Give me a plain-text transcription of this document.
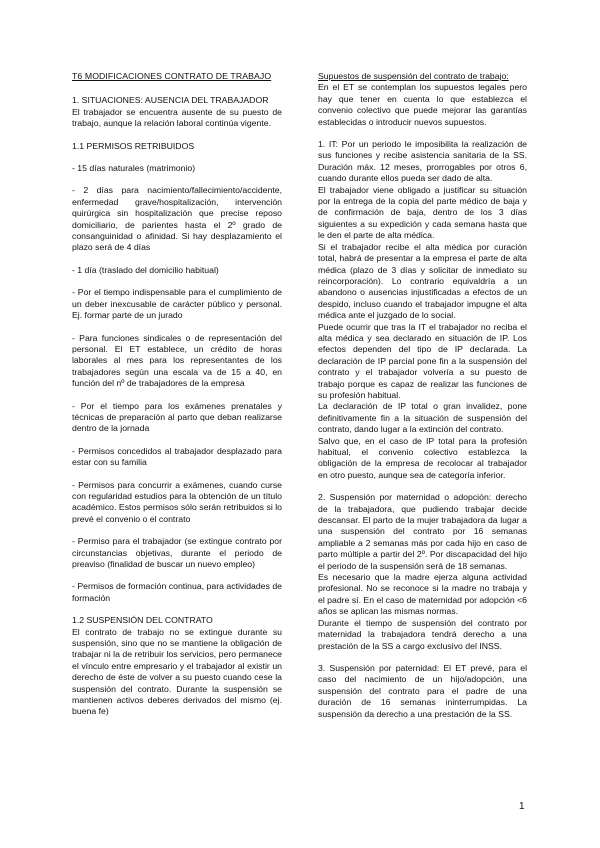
T6 MODIFICACIONES CONTRATO DE TRABAJO

1. SITUACIONES: AUSENCIA DEL TRABAJADOR

El trabajador se encuentra ausente de su puesto de trabajo, aunque la relación laboral continúa vigente.

1.1 PERMISOS RETRIBUIDOS

- 15 días naturales (matrimonio)

- 2 días para nacimiento/fallecimiento/accidente, enfermedad grave/hospitalización, intervención quirúrgica sin hospitalización que precise reposo domiciliario, de parientes hasta el 2º grado de consanguinidad o afinidad. Si hay desplazamiento el plazo será de 4 días

- 1 día (traslado del domicilio habitual)

- Por el tiempo indispensable para el cumplimiento de un deber inexcusable de carácter público y personal. Ej. formar parte de un jurado

- Para funciones sindicales o de representación del personal. El ET establece, un crédito de horas laborales al mes para los representantes de los trabajadores según una escala va de 15 a 40, en función del nº de trabajadores de la empresa

- Por el tiempo para los exámenes prenatales y técnicas de preparación al parto que deban realizarse dentro de la jornada

- Permisos concedidos al trabajador desplazado para estar con su familia

- Permisos para concurrir a exámenes, cuando curse con regularidad estudios para la obtención de un título académico. Estos permisos sólo serán retribuidos si lo prevé el convenio o el contrato

- Permiso para el trabajador (se extingue contrato por circunstancias objetivas, durante el periodo de preaviso (finalidad de buscar un nuevo empleo)

- Permisos de formación continua, para actividades de formación

1.2 SUSPENSIÓN DEL CONTRATO

El contrato de trabajo no se extingue durante su suspensión, sino que no se mantiene la obligación de trabajar ni la de retribuir los servicios, pero permanece el vínculo entre empresario y el trabajador al existir un derecho de éste de volver a su puesto cuando cese la suspensión del contrato. Durante la suspensión se mantienen activos deberes derivados del mismo (ej. buena fe)

Supuestos de suspensión del contrato de trabajo:

En el ET se contemplan los supuestos legales pero hay que tener en cuenta lo que establezca el convenio colectivo que puede mejorar las garantías establecidas o introducir nuevos supuestos.

1. IT: Por un periodo le imposibilita la realización de sus funciones y recibe asistencia sanitaria de la SS. Duración máx. 12 meses, prorrogables por otros 6, cuando durante ellos pueda ser dado de alta.

El trabajador viene obligado a justificar su situación por la entrega de la copia del parte médico de baja y de confirmación de baja, dentro de los 3 días siguientes a su expedición y cada semana hasta que le den el parte de alta médica.

Si el trabajador recibe el alta médica por curación total, habrá de presentar a la empresa el parte de alta médica (plazo de 3 días y solicitar de inmediato su reincorporación). Lo contrario equivaldría a un abandono o ausencias injustificadas a efectos de un despido, incluso cuando el trabajador impugne el alta médica ante el juzgado de lo social.

Puede ocurrir que tras la IT el trabajador no reciba el alta médica y sea declarado en situación de IP. Los efectos dependen del tipo de IP declarada. La declaración de IP parcial pone fin a la suspensión del contrato y el trabajador volvería a su puesto de trabajo porque es capaz de realizar las funciones de su profesión habitual.

La declaración de IP total o gran invalidez, pone definitivamente fin a la situación de suspensión del contrato, dando lugar a la extinción del contrato.

Salvo que, en el caso de IP total para la profesión habitual, el convenio colectivo establezca la obligación de la empresa de recolocar al trabajador en otro puesto, aunque sea de categoría inferior.

2. Suspensión por maternidad o adopción: derecho de la trabajadora, que pudiendo trabajar decide descansar. El parto de la mujer trabajadora da lugar a una suspensión del contrato por 16 semanas ampliable a 2 semanas más por cada hijo en caso de parto múltiple a partir del 2º. Por discapacidad del hijo el periodo de la suspensión será de 18 semanas.

Es necesario que la madre ejerza alguna actividad profesional. No se reconoce si la madre no trabaja y el padre sí. En el caso de maternidad por adopción <6 años se aplican las mismas normas.

Durante el tiempo de suspensión del contrato por maternidad la trabajadora tendrá derecho a una prestación de la SS a cargo exclusivo del INSS.

3. Suspensión por paternidad: El ET prevé, para el caso del nacimiento de un hijo/adopción, una suspensión del contrato para el padre de una duración de 16 semanas ininterrumpidas. La suspensión da derecho a una prestación de la SS.

1
